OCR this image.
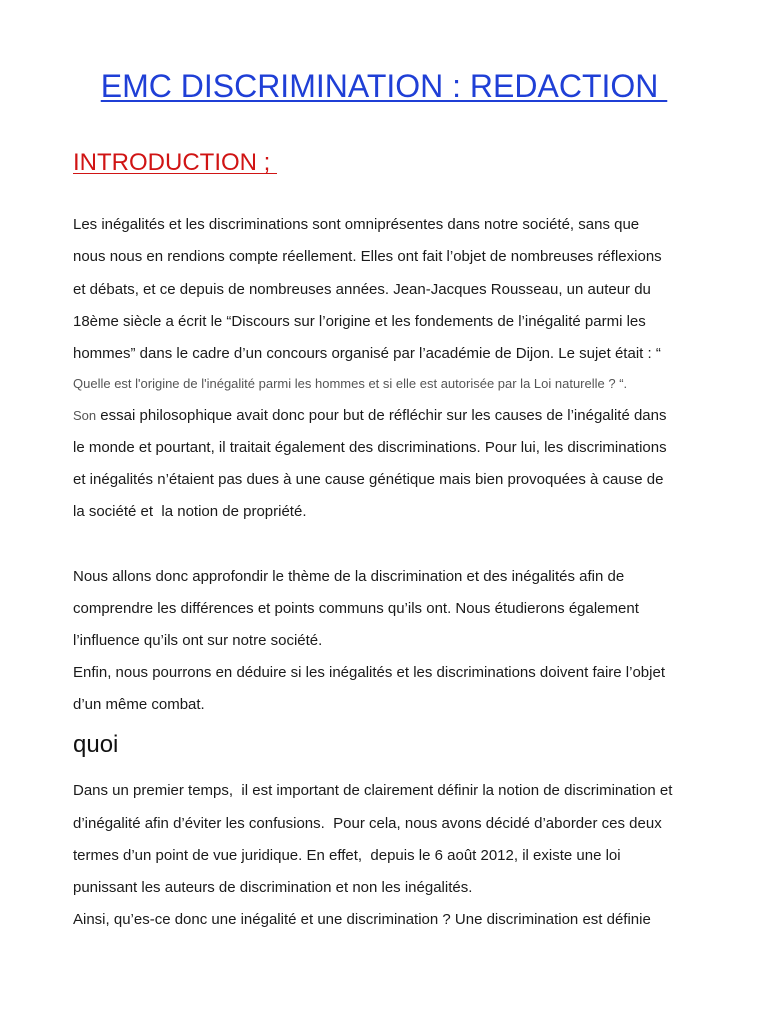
EMC DISCRIMINATION : REDACTION
INTRODUCTION ;
Les inégalités et les discriminations sont omniprésentes dans notre société, sans que
nous nous en rendions compte réellement. Elles ont fait l’objet de nombreuses réflexions
et débats, et ce depuis de nombreuses années. Jean-Jacques Rousseau, un auteur du
18ème siècle a écrit le “Discours sur l’origine et les fondements de l’inégalité parmi les
hommes” dans le cadre d’un concours organisé par l’académie de Dijon. Le sujet était : “
Quelle est l'origine de l'inégalité parmi les hommes et si elle est autorisée par la Loi naturelle ? “.
Son essai philosophique avait donc pour but de réfléchir sur les causes de l’inégalité dans
le monde et pourtant, il traitait également des discriminations. Pour lui, les discriminations
et inégalités n’étaient pas dues à une cause génétique mais bien provoquées à cause de
la société et  la notion de propriété.
Nous allons donc approfondir le thème de la discrimination et des inégalités afin de
comprendre les différences et points communs qu’ils ont. Nous étudierons également
l’influence qu’ils ont sur notre société.
Enfin, nous pourrons en déduire si les inégalités et les discriminations doivent faire l’objet
d’un même combat.
quoi
Dans un premier temps,  il est important de clairement définir la notion de discrimination et
d’inégalité afin d’éviter les confusions.  Pour cela, nous avons décidé d’aborder ces deux
termes d’un point de vue juridique. En effet,  depuis le 6 août 2012, il existe une loi
punissant les auteurs de discrimination et non les inégalités.
Ainsi, qu’es-ce donc une inégalité et une discrimination ? Une discrimination est définie
